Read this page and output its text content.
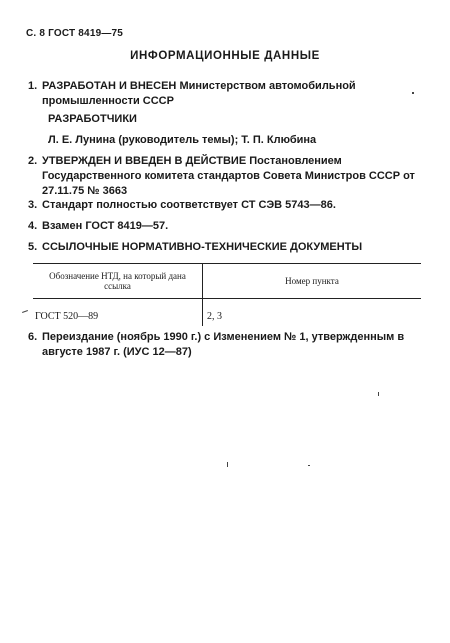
С. 8 ГОСТ 8419—75
ИНФОРМАЦИОННЫЕ ДАННЫЕ
1. РАЗРАБОТАН И ВНЕСЕН Министерством автомобильной промышленности СССР
РАЗРАБОТЧИКИ
Л. Е. Лунина (руководитель темы); Т. П. Клюбина
2. УТВЕРЖДЕН И ВВЕДЕН В ДЕЙСТВИЕ Постановлением Государственного комитета стандартов Совета Министров СССР от 27.11.75 № 3663
3. Стандарт полностью соответствует СТ СЭВ 5743—86.
4. Взамен ГОСТ 8419—57.
5. ССЫЛОЧНЫЕ НОРМАТИВНО-ТЕХНИЧЕСКИЕ ДОКУМЕНТЫ
Обозначение НТД, на который дана ссылка	Номер пункта
ГОСТ 520—89	2, 3
6. Переиздание (ноябрь 1990 г.) с Изменением № 1, утвержденным в августе 1987 г. (ИУС 12—87)
